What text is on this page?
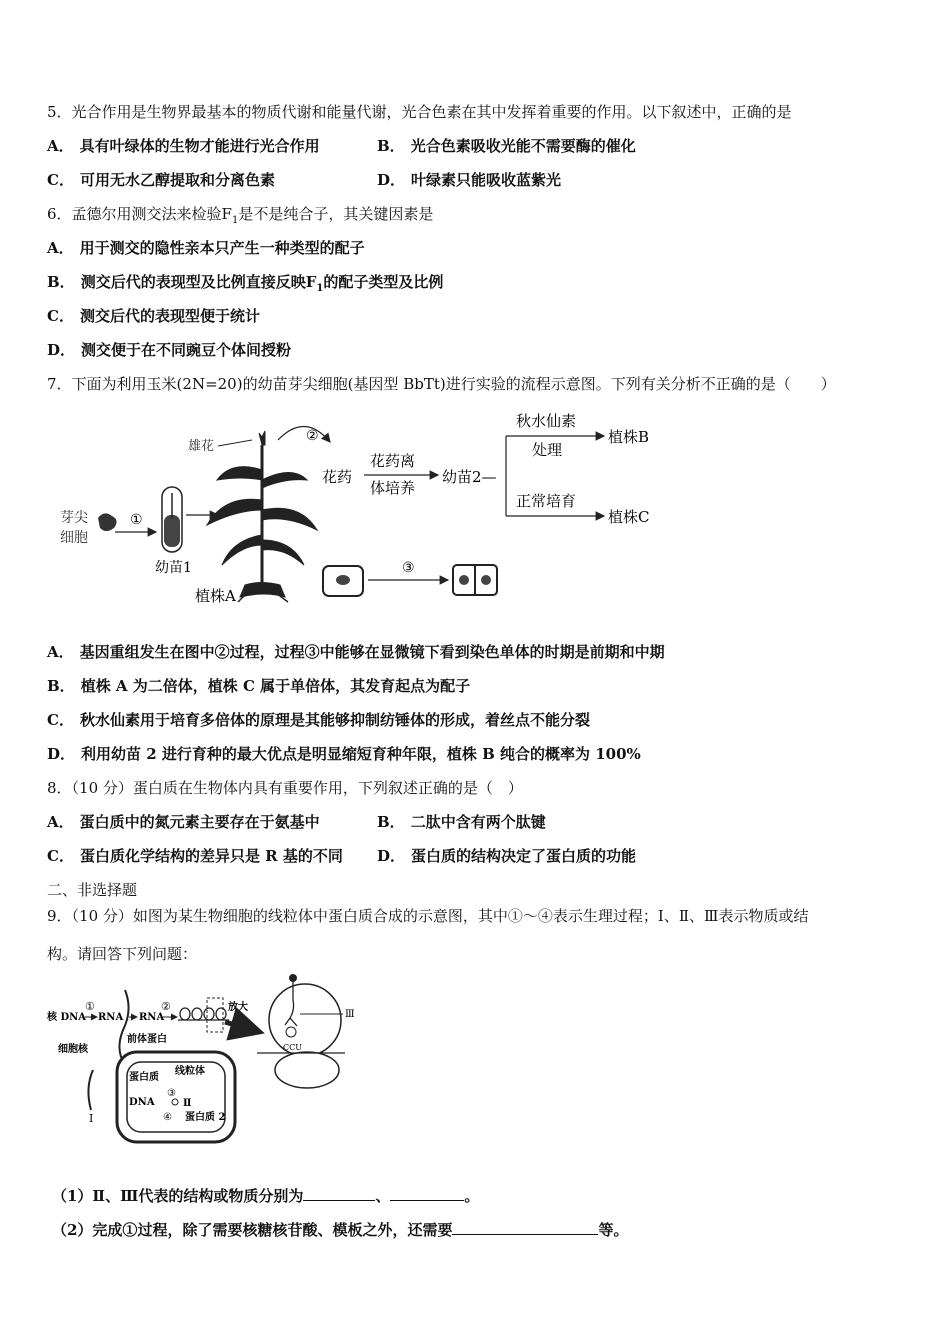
5．光合作用是生物界最基本的物质代谢和能量代谢，光合色素在其中发挥着重要的作用。以下叙述中，正确的是
A． 具有叶绿体的生物才能进行光合作用	B． 光合色素吸收光能不需要酶的催化
C． 可用无水乙醇提取和分离色素	D． 叶绿素只能吸收蓝紫光
6．孟德尔用测交法来检验$F_1$是不是纯合子，其关键因素是
A． 用于测交的隐性亲本只产生一种类型的配子
B． 测交后代的表现型及比例直接反映$F_1$的配子类型及比例
C． 测交后代的表现型便于统计
D． 测交便于在不同豌豆个体间授粉
7．下面为利用玉米(2N=20)的幼苗芽尖细胞(基因型 BbTt)进行实验的流程示意图。下列有关分析不正确的是（　　）
芽尖
细胞
①
幼苗1
雄花
②
花药
花药离
体培养
幼苗2—
秋水仙素
处理
植株B
正常培育
植株C
植株A
③
A． 基因重组发生在图中②过程，过程③中能够在显微镜下看到染色单体的时期是前期和中期
B． 植株 A 为二倍体，植株 C 属于单倍体，其发育起点为配子
C． 秋水仙素用于培育多倍体的原理是其能够抑制纺锤体的形成，着丝点不能分裂
D． 利用幼苗 2 进行育种的最大优点是明显缩短育种年限，植株 B 纯合的概率为 100%
8．（10 分）蛋白质在生物体内具有重要作用，下列叙述正确的是（　）
A． 蛋白质中的氮元素主要存在于氨基中	B． 二肽中含有两个肽键
C． 蛋白质化学结构的差异只是 R 基的不同 D． 蛋白质的结构决定了蛋白质的功能
二、非选择题
9．（10 分）如图为某生物细胞的线粒体中蛋白质合成的示意图，其中①～④表示生理过程；Ⅰ、Ⅱ、Ⅲ表示物质或结
构。请回答下列问题：
核 DNA
①
RNA RNA
②
细胞核
前体蛋白
Ⅰ
放大
蛋白质
线粒体
DNA
③
④
Ⅱ
蛋白质 2
Ⅲ
CCU
（1）Ⅱ、Ⅲ代表的结构或物质分别为	、	。
（2）完成①过程，除了需要核糖核苷酸、模板之外，还需要	等。
